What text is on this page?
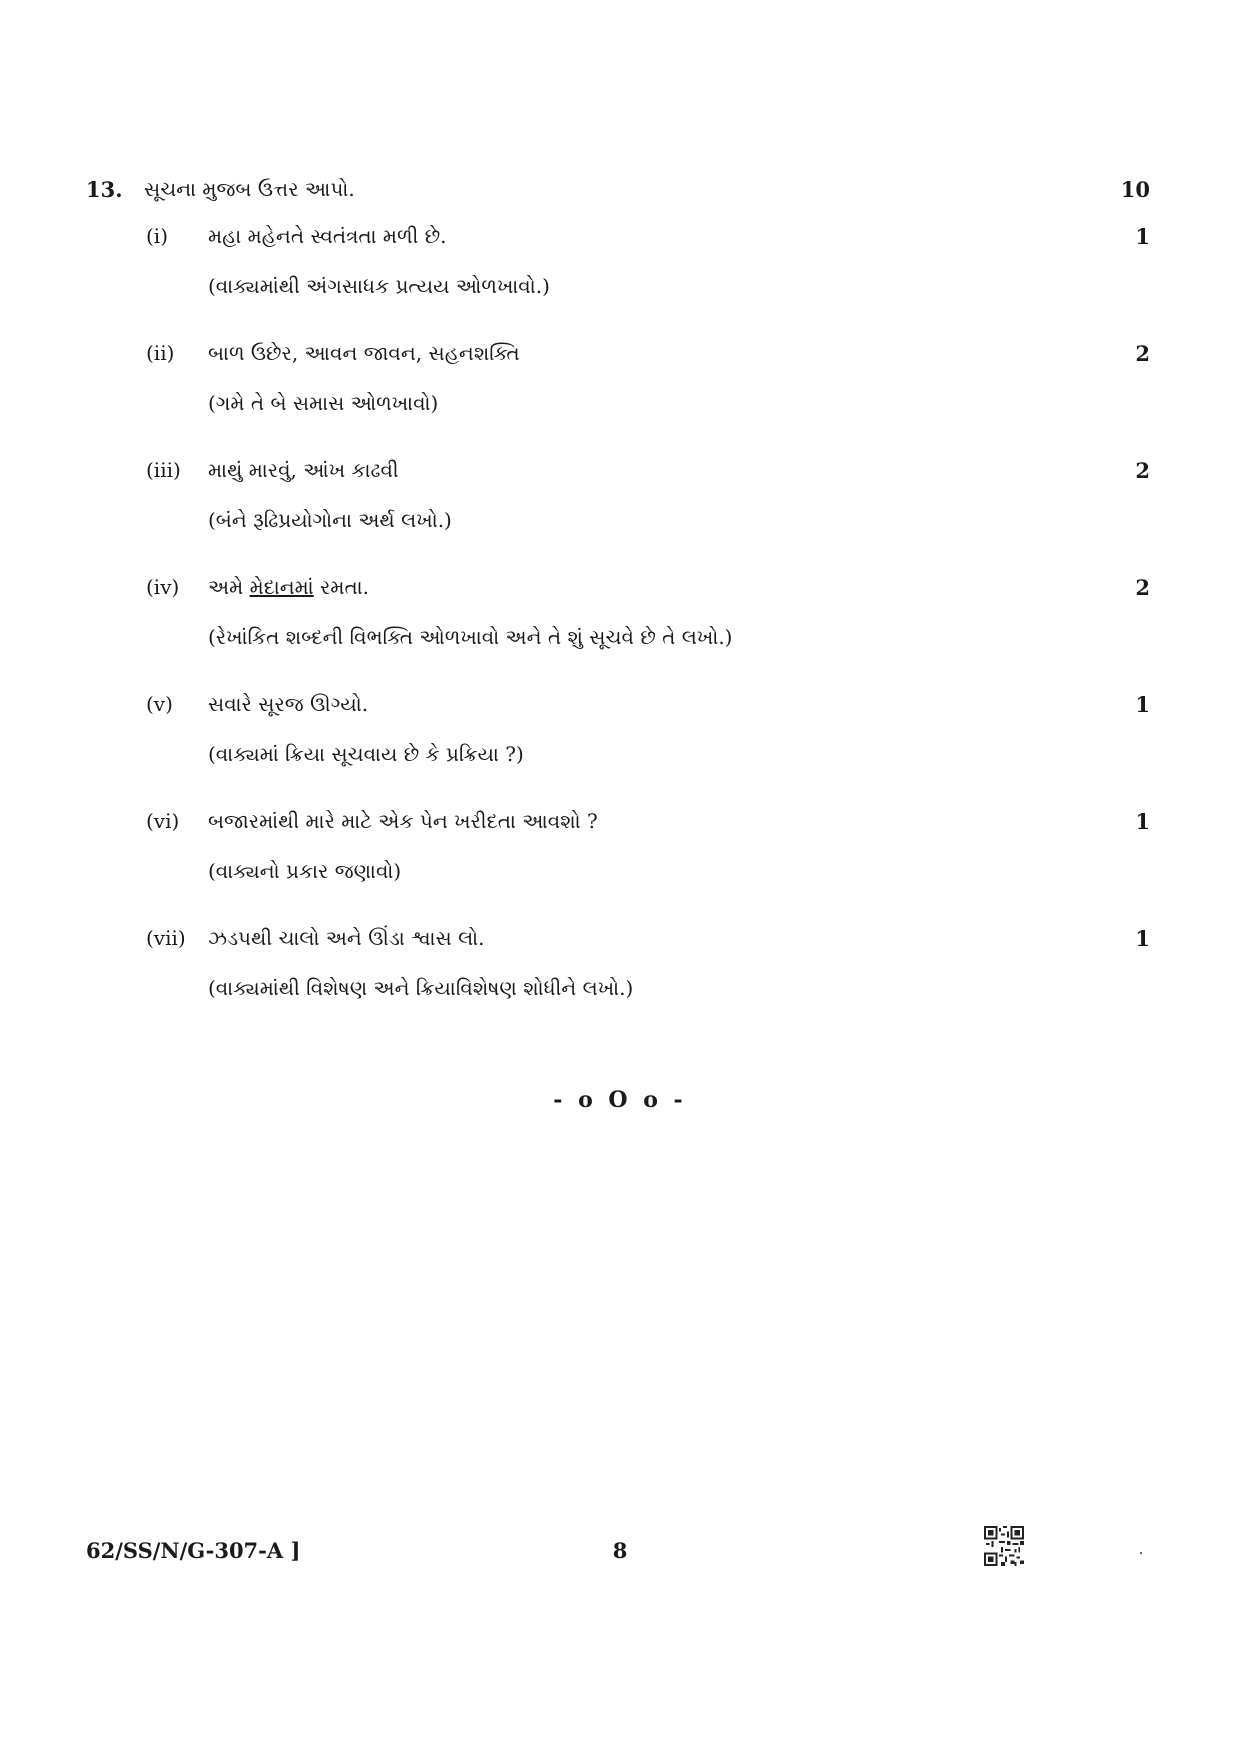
13.	સૂચના મુજબ ઉત્તર આપો.	10
(i)	મહા મહેનતે સ્વતંત્રતા મળી છે.	1
(વાક્યમાંથી અંગસાધક પ્રત્યય ઓળખાવો.)
(ii)	બાળ ઉછેર, આવન જાવન, સહનશક્તિ	2
(ગમે તે બે સમાસ ઓળખાવો)
(iii)	માથું મારવું, આંખ કાઢવી	2
(બંને રૂઢિપ્રયોગોના અર્થ લખો.)
(iv)	અમે મેદાનમાં રમતા.	2
(રેખાંકિત શબ્દની વિભક્તિ ઓળખાવો અને તે શું સૂચવે છે તે લખો.)
(v)	સવારે સૂરજ ઊગ્યો.	1
(વાક્યમાં ક્રિયા સૂચવાય છે કે પ્રક્રિયા ?)
(vi)	બજારમાંથી મારે માટે એક પેન ખરીદતા આવશો ?	1
(વાક્યનો પ્રકાર જણાવો)
(vii)	ઝડપથી ચાલો અને ઊંડા શ્વાસ લો.	1
(વાક્યમાંથી વિશેષણ અને ક્રિયાવિશેષણ શોધીને લખો.)
- o O o -
62/SS/N/G-307-A ]	8
